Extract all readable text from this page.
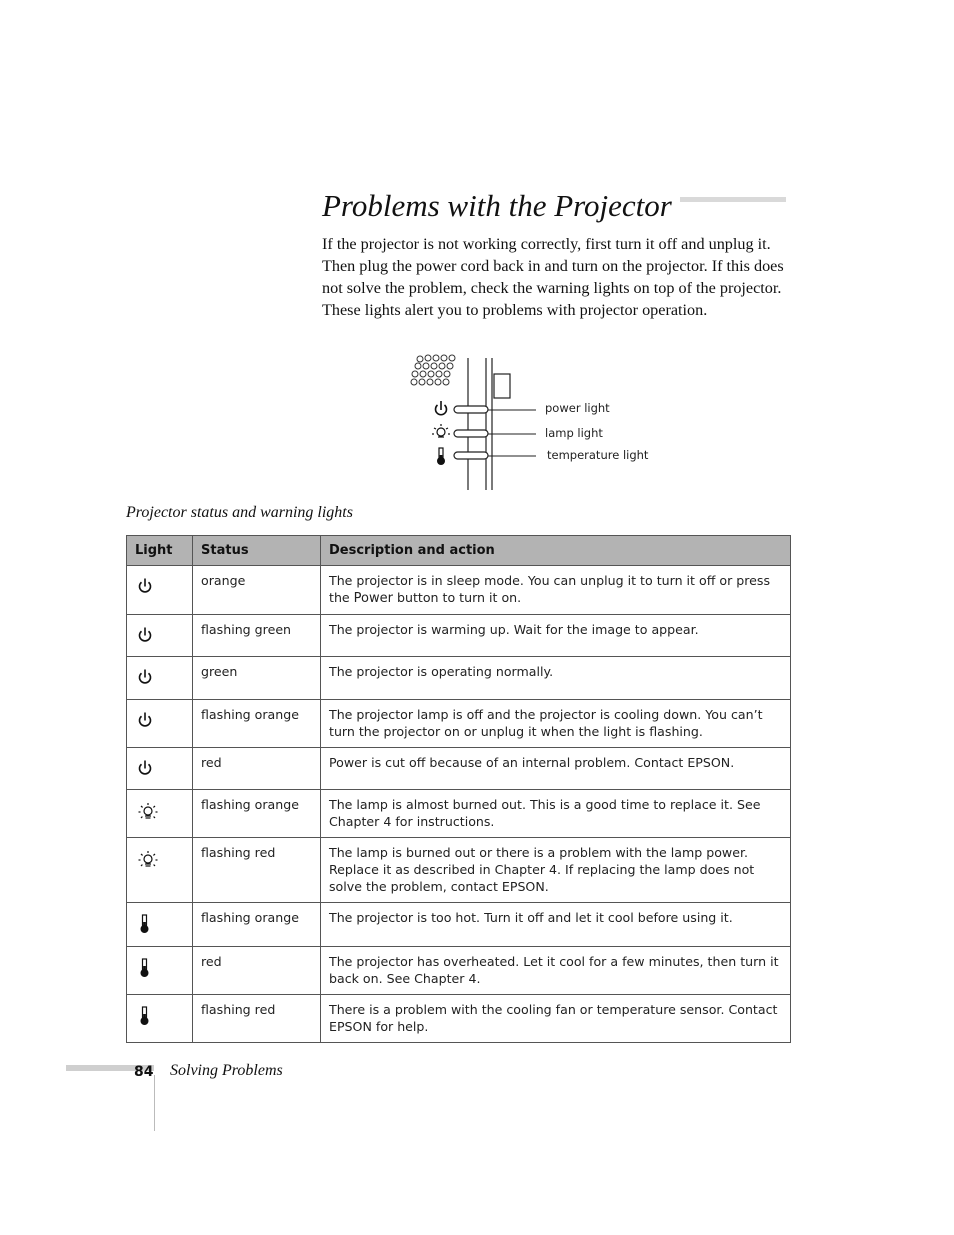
Problems with the Projector

If the projector is not working correctly, first turn it off and unplug it. Then plug the power cord back in and turn on the projector. If this does not solve the problem, check the warning lights on top of the projector. These lights alert you to problems with projector operation.

power light
lamp light
temperature light

Projector status and warning lights

Light	Status	Description and action

	orange	The projector is in sleep mode. You can unplug it to turn it off or press the Power button to turn it on.

	flashing green	The projector is warming up. Wait for the image to appear.

	green	The projector is operating normally.

	flashing orange	The projector lamp is off and the projector is cooling down. You can’t turn the projector on or unplug it when the light is flashing.

	red	Power is cut off because of an internal problem. Contact EPSON.

	flashing orange	The lamp is almost burned out. This is a good time to replace it. See Chapter 4 for instructions.

	flashing red	The lamp is burned out or there is a problem with the lamp power. Replace it as described in Chapter 4. If replacing the lamp does not solve the problem, contact EPSON.

	flashing orange	The projector is too hot. Turn it off and let it cool before using it.

	red	The projector has overheated. Let it cool for a few minutes, then turn it back on. See Chapter 4.

	flashing red	There is a problem with the cooling fan or temperature sensor. Contact EPSON for help.
84 Solving Problems
